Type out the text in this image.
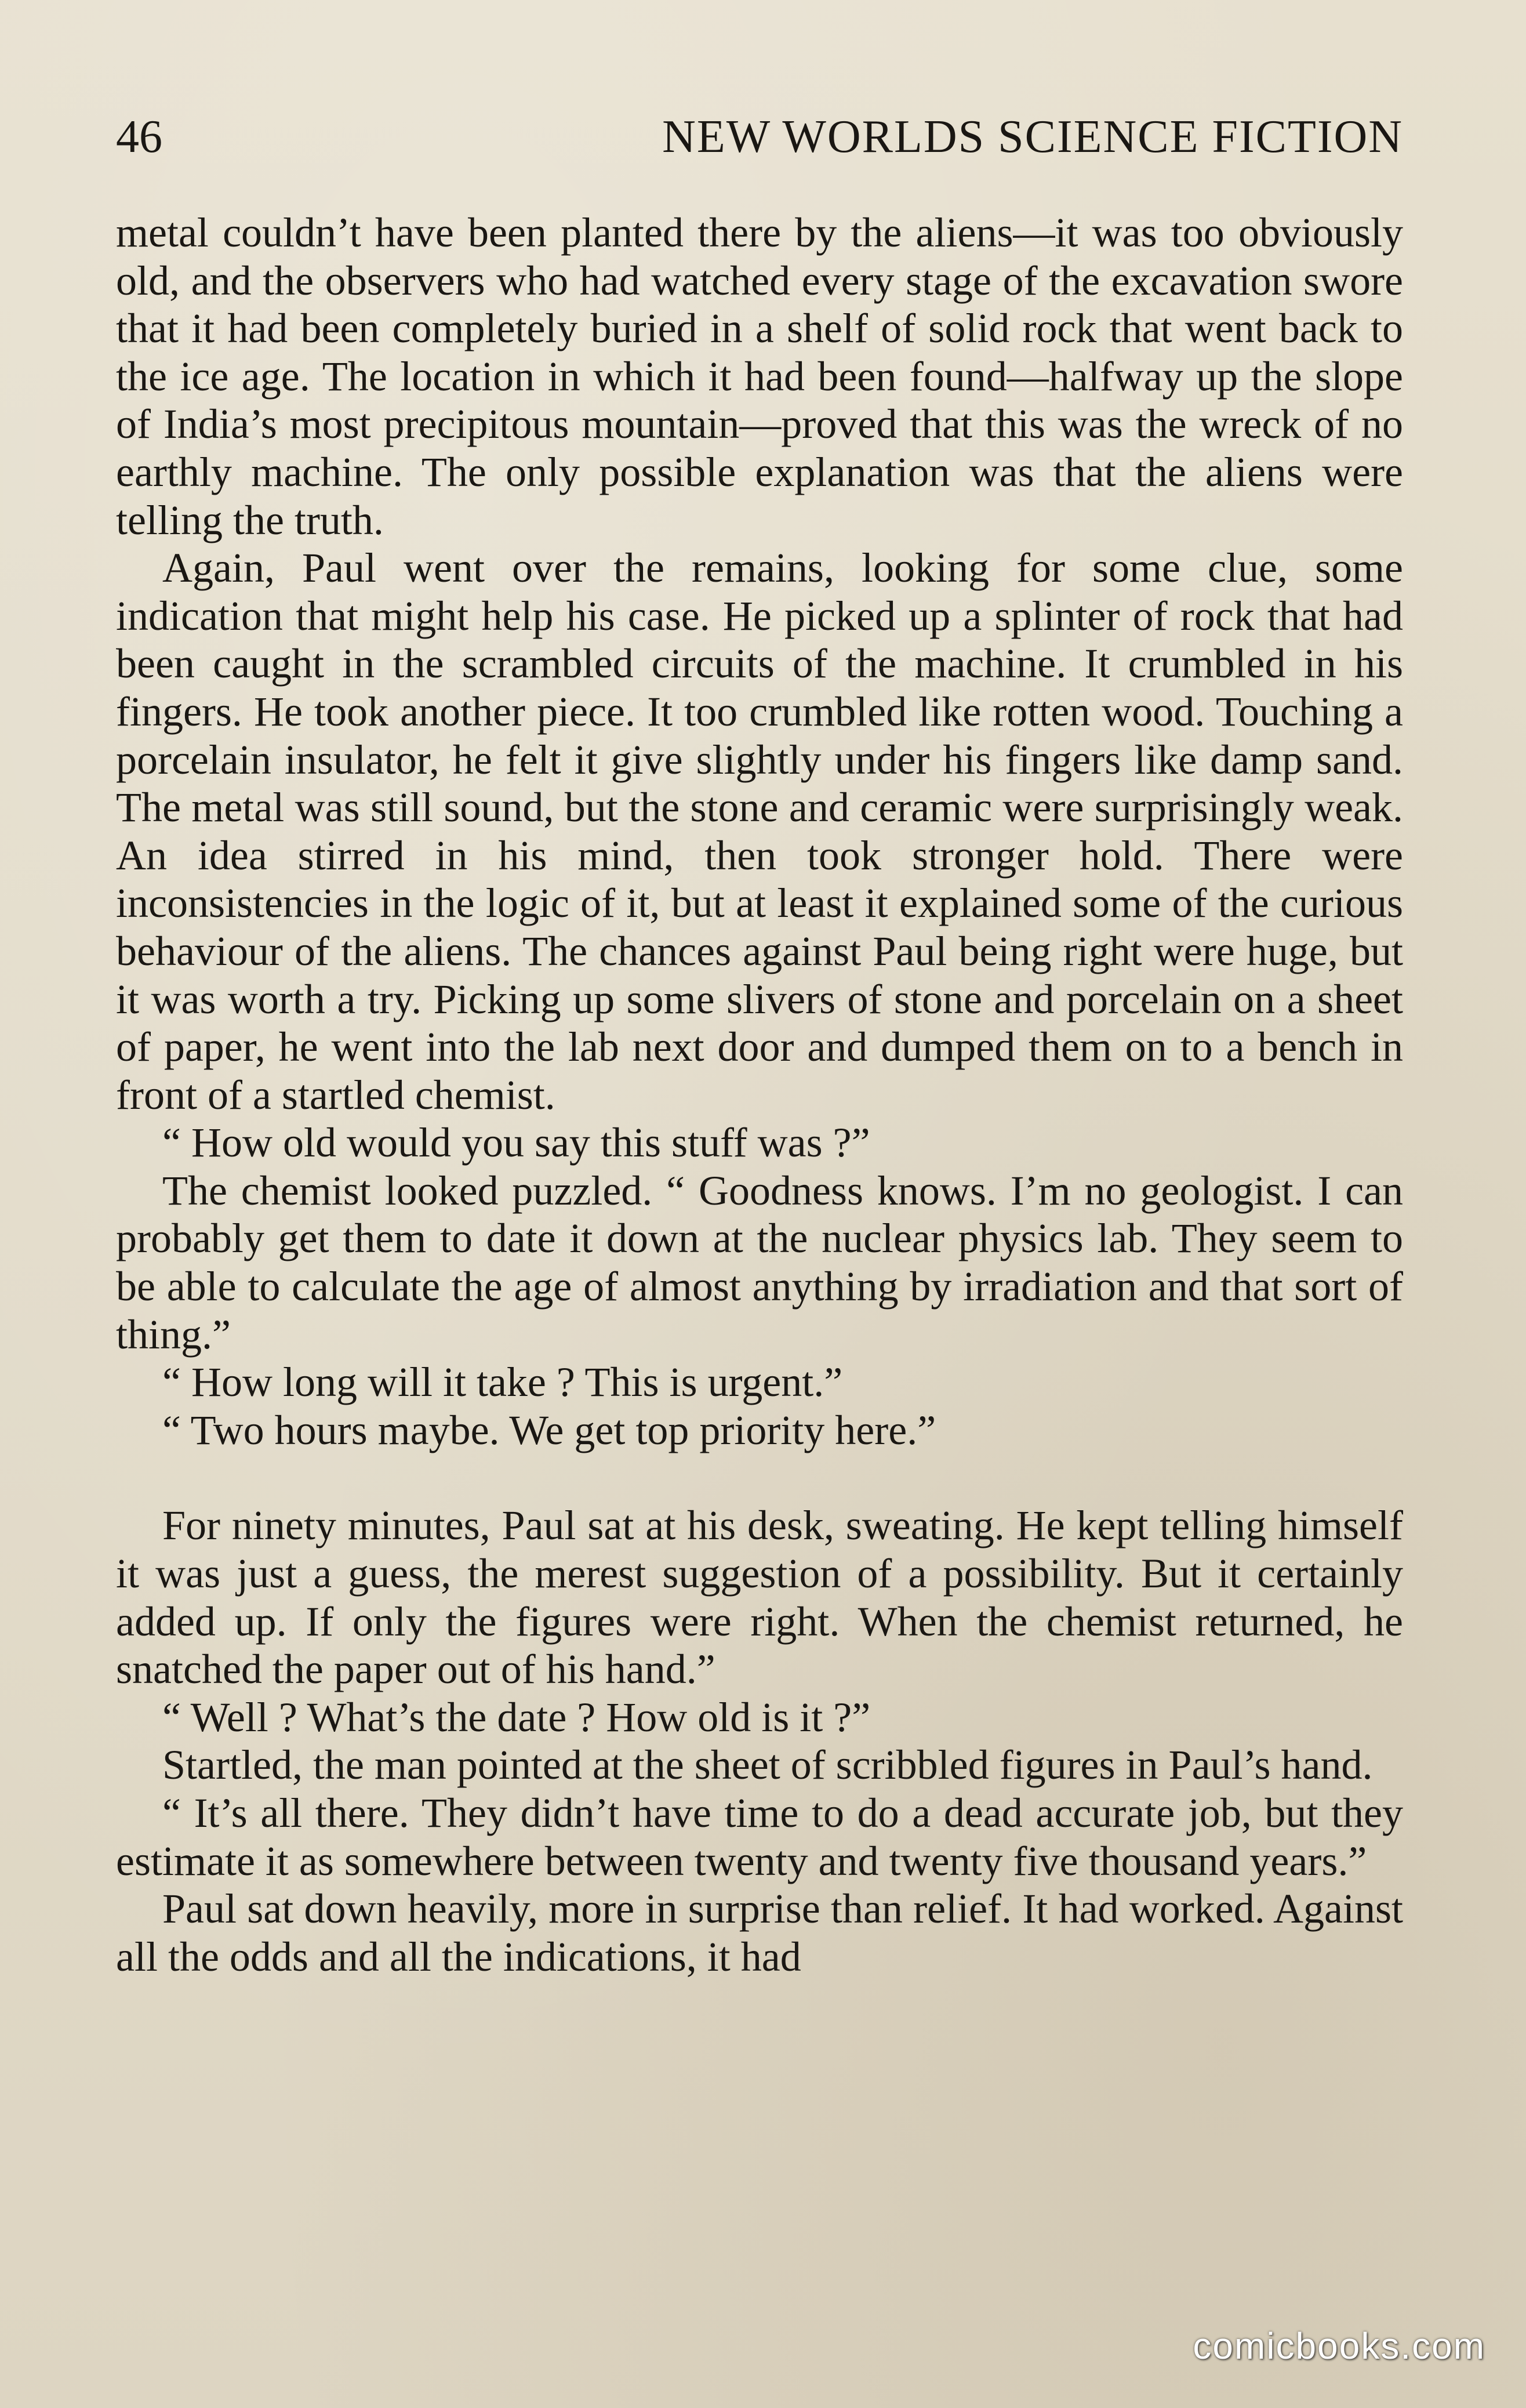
46	NEW WORLDS SCIENCE FICTION

metal couldn’t have been planted there by the aliens—it was too obviously old, and the observers who had watched every stage of the excavation swore that it had been completely buried in a shelf of solid rock that went back to the ice age. The location in which it had been found—halfway up the slope of India’s most precipitous mountain—proved that this was the wreck of no earthly machine. The only possible explanation was that the aliens were telling the truth.

Again, Paul went over the remains, looking for some clue, some indication that might help his case. He picked up a splinter of rock that had been caught in the scrambled circuits of the machine. It crumbled in his fingers. He took another piece. It too crumbled like rotten wood. Touching a porcelain insulator, he felt it give slightly under his fingers like damp sand. The metal was still sound, but the stone and ceramic were surprisingly weak. An idea stirred in his mind, then took stronger hold. There were inconsistencies in the logic of it, but at least it explained some of the curious behaviour of the aliens. The chances against Paul being right were huge, but it was worth a try. Picking up some slivers of stone and porcelain on a sheet of paper, he went into the lab next door and dumped them on to a bench in front of a startled chemist.

“ How old would you say this stuff was ?”

The chemist looked puzzled. “ Goodness knows. I’m no geologist. I can probably get them to date it down at the nuclear physics lab. They seem to be able to calculate the age of almost anything by irradiation and that sort of thing.”

“ How long will it take ? This is urgent.”

“ Two hours maybe. We get top priority here.”

For ninety minutes, Paul sat at his desk, sweating. He kept telling himself it was just a guess, the merest suggestion of a possibility. But it certainly added up. If only the figures were right. When the chemist returned, he snatched the paper out of his hand.”

“ Well ? What’s the date ? How old is it ?”

Startled, the man pointed at the sheet of scribbled figures in Paul’s hand.

“ It’s all there. They didn’t have time to do a dead accurate job, but they estimate it as somewhere between twenty and twenty five thousand years.”

Paul sat down heavily, more in surprise than relief. It had worked. Against all the odds and all the indications, it had

comicbooks.com
